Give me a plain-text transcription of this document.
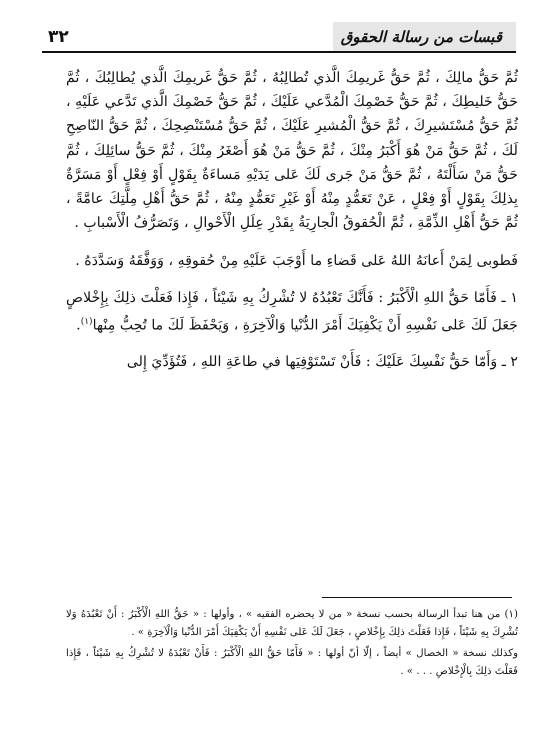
٣٢	قبسات من رسالة الحقوق

ثُمَّ حَقُّ مالِكَ ، ثُمَّ حَقُّ غَريمِكَ الَّذي تُطالِبُهُ ، ثُمَّ حَقُّ غَريمِكَ الَّذي يُطالِبُكَ ، ثُمَّ حَقُّ خَليطِكَ ، ثُمَّ حَقُّ خَصْمِكَ الْمُدَّعي عَلَيْكَ ، ثُمَّ حَقُّ خَصْمِكَ الَّذي تَدَّعي عَلَيْهِ ، ثُمَّ حَقُّ مُسْتَشيرِكَ ، ثُمَّ حَقُّ الْمُشيرِ عَلَيْكَ ، ثُمَّ حَقُّ مُسْتَنْصِحِكَ ، ثُمَّ حَقُّ النّاصِحِ لَكَ ، ثُمَّ حَقُّ مَنْ هُوَ أَكْبَرُ مِنْكَ ، ثُمَّ حَقُّ مَنْ هُوَ أَصْغَرُ مِنْكَ ، ثُمَّ حَقُّ سائِلِكَ ، ثُمَّ حَقُّ مَنْ سَأَلْتَهُ ، ثُمَّ حَقُّ مَنْ جَرى لَكَ عَلى يَدَيْهِ مَساءَةٌ بِقَوْلٍ أَوْ فِعْلٍ أَوْ مَسَرَّةٌ بِذلِكَ بِقَوْلٍ أَوْ فِعْلٍ ، عَنْ تَعَمُّدٍ مِنْهُ أَوْ غَيْرِ تَعَمُّدٍ مِنْهُ ، ثُمَّ حَقُّ أَهْلِ مِلَّتِكَ عامَّةً ، ثُمَّ حَقُّ أَهْلِ الذِّمَّةِ ، ثُمَّ الْحُقوقُ الْجارِيَةُ بِقَدْرِ عِلَلِ الْأَحْوالِ ، وَتَصَرُّفُ الْأَسْبابِ .

فَطوبى لِمَنْ أَعانَهُ اللهُ عَلى قَضاءِ ما أَوْجَبَ عَلَيْهِ مِنْ حُقوقِهِ ، وَوَفَّقَهُ وَسَدَّدَهُ .

١ ـ فَأَمّا حَقُّ اللهِ الْأَكْبَرُ : فَأَنَّكَ تَعْبُدُهُ لا تُشْرِكُ بِهِ شَيْئاً ، فَإِذا فَعَلْتَ ذلِكَ بِإِخْلاصٍ جَعَلَ لَكَ عَلى نَفْسِهِ أَنْ يَكْفِيَكَ أَمْرَ الدُّنْيا وَالْآخِرَةِ ، وَيَحْفَظَ لَكَ ما تُحِبُّ مِنْها$^{(١)}$.

٢ ـ وَأَمّا حَقُّ نَفْسِكَ عَلَيْكَ : فَأَنْ تَسْتَوْفِيَها في طاعَةِ اللهِ ، فَتُؤَدِّيَ إِلى

(١) من هنا تبدأ الرسالة بحسب نسخة « من لا يحضره الفقيه » ، وأولها : « حَقُّ اللهِ الْأَكْبَرُ : أَنْ تَعْبُدَهُ وَلا تُشْرِكَ بِهِ شَيْئاً ، فَإِذا فَعَلْتَ ذلِكَ بِإِخْلاصٍ ، جَعَلَ لَكَ عَلى نَفْسِهِ أَنْ يَكْفِيَكَ أَمْرَ الدُّنْيا وَالْآخِرَةِ » .

وكذلك نسخة « الخصال » أيضاً ، إلّا أنّ أولها : « فَأَمّا حَقُّ اللهِ الْأَكْبَرُ : فَأَنْ تَعْبُدَهُ لا تُشْرِكُ بِهِ شَيْئاً ، فَإِذا فَعَلْتَ ذلِكَ بِالْإِخْلاصِ . . . » .
